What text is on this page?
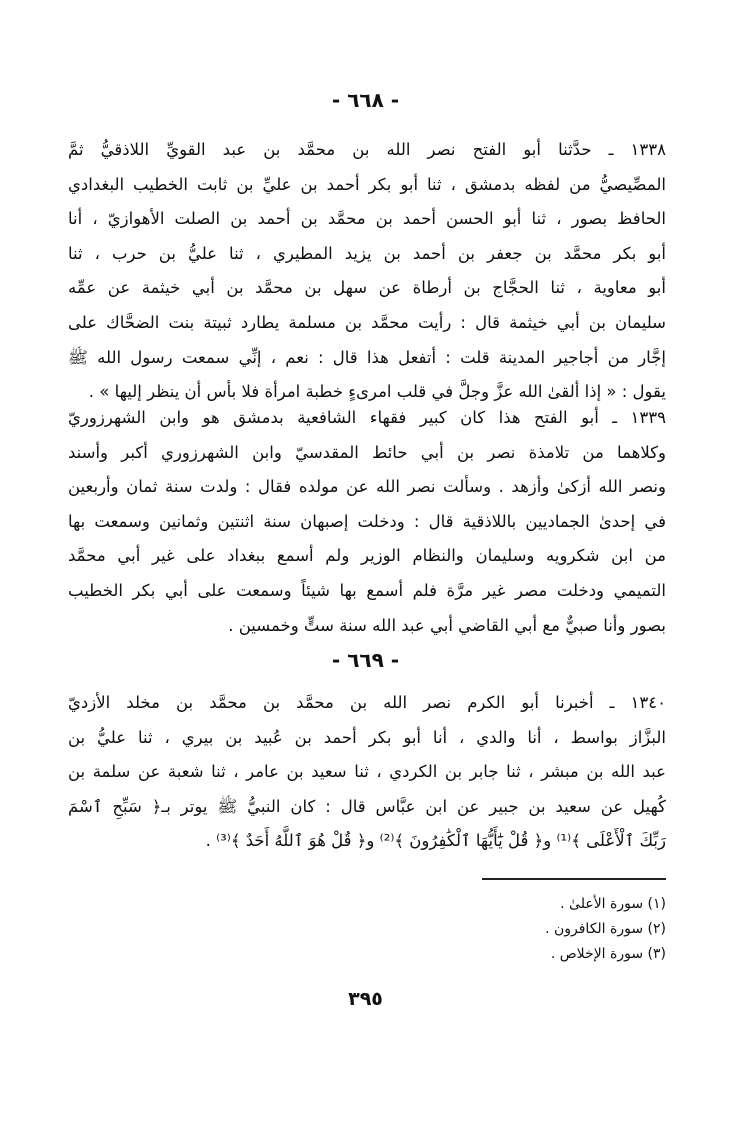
- ٦٦٨ -
١٣٣٨ ـ حدَّثنا أبو الفتح نصر الله بن محمَّد بن عبد القويِّ اللاذقيُّ ثمَّ
المصِّيصيُّ من لفظه بدمشق ، ثنا أبو بكر أحمد بن عليِّ بن ثابت الخطيب البغدادي
الحافظ بصور ، ثنا أبو الحسن أحمد بن محمَّد بن أحمد بن الصلت الأهوازيّ ، أنا
أبو بكر محمَّد بن جعفر بن أحمد بن يزيد المطيري ، ثنا عليُّ بن حرب ، ثنا
أبو معاوية ، ثنا الحجَّاج بن أرطاة عن سهل بن محمَّد بن أبي خيثمة عن عمِّه
سليمان بن أبي خيثمة قال : رأيت محمَّد بن مسلمة يطارد ثبيتة بنت الضحَّاك على
إجَّار من أجاجير المدينة قلت : أتفعل هذا قال : نعم ، إنِّي سمعت رسول الله ﷺ
يقول : « إذا ألقىٰ الله عزَّ وجلَّ في قلب امرىءٍ خطبة امرأة فلا بأس أن ينظر إليها » .
١٣٣٩ ـ أبو الفتح هذا كان كبير فقهاء الشافعية بدمشق هو وابن الشهرزوريّ
وكلاهما من تلامذة نصر بن أبي حائط المقدسيّ وابن الشهرزوري أكبر وأسند
ونصر الله أزكىٰ وأزهد . وسألت نصر الله عن مولده فقال : ولدت سنة ثمان وأربعين
في إحدىٰ الجماديين باللاذقية قال : ودخلت إصبهان سنة اثنتين وثمانين وسمعت بها
من ابن شكرويه وسليمان والنظام الوزير ولم أسمع ببغداد على غير أبي محمَّد
التميمي ودخلت مصر غير مرَّة فلم أسمع بها شيئاً وسمعت على أبي بكر الخطيب
بصور وأنا صبيٌّ مع أبي القاضي أبي عبد الله سنة ستٍّ وخمسين .
- ٦٦٩ -
١٣٤٠ ـ أخبرنا أبو الكرم نصر الله بن محمَّد بن محمَّد بن مخلد الأزديّ
البزَّاز بواسط ، أنا والدي ، أنا أبو بكر أحمد بن عُبيد بن بيري ، ثنا عليُّ بن
عبد الله بن مبشر ، ثنا جابر بن الكردي ، ثنا سعيد بن عامر ، ثنا شعبة عن سلمة بن
كُهيل عن سعيد بن جبير عن ابن عبَّاس قال : كان النبيُّ ﷺ يوتر بـ﴿ سَبِّحِ ٱسْمَ
رَبِّكَ ٱلْأَعْلَى ﴾⁽¹⁾ و﴿ قُلْ يَٰٓأَيُّهَا ٱلْكَٰفِرُونَ ﴾⁽²⁾ و﴿ قُلْ هُوَ ٱللَّهُ أَحَدٌ ﴾⁽³⁾ .
(١) سورة الأعلىٰ .
(٢) سورة الكافرون .
(٣) سورة الإخلاص .
٣٩٥
